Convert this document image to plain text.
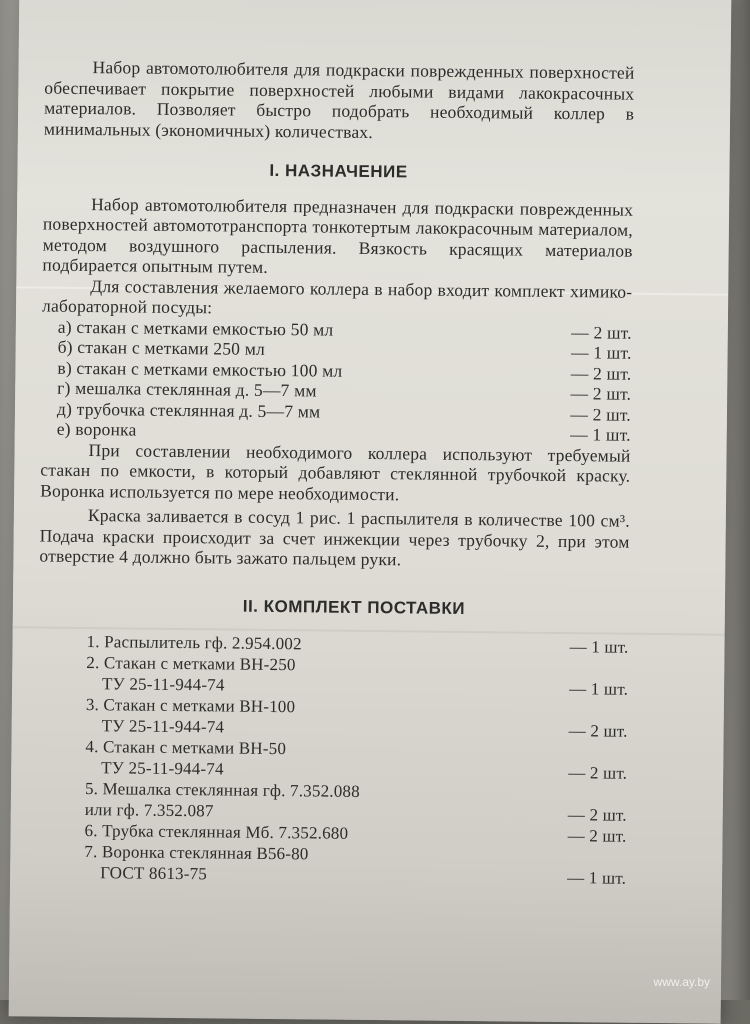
Набор автомотолюбителя для подкраски поврежденных поверхностей обеспечивает покрытие поверхностей любыми видами лакокрасочных материалов. Позволяет быстро подобрать необходимый коллер в минимальных (экономичных) количествах.

I. НАЗНАЧЕНИЕ

Набор автомотолюбителя предназначен для подкраски поврежденных поверхностей автомототранспорта тонкотертым лакокрасочным материалом, методом воздушного распыления. Вязкость красящих материалов подбирается опытным путем.

Для составления желаемого коллера в набор входит комплект химико-лабораторной посуды:

а) стакан с метками емкостью 50 мл	— 2 шт.
б) стакан с метками 250 мл	— 1 шт.
в) стакан с метками емкостью 100 мл	— 2 шт.
г) мешалка стеклянная д. 5—7 мм	— 2 шт.
д) трубочка стеклянная д. 5—7 мм	— 2 шт.
е) воронка	— 1 шт.

При составлении необходимого коллера используют требуемый стакан по емкости, в который добавляют стеклянной трубочкой краску. Воронка используется по мере необходимости.

Краска заливается в сосуд 1 рис. 1 распылителя в количестве 100 см³. Подача краски происходит за счет инжекции через трубочку 2, при этом отверстие 4 должно быть зажато пальцем руки.

II. КОМПЛЕКТ ПОСТАВКИ
1. Распылитель гф. 2.954.002	— 1 шт.
2. Стакан с метками ВН-250
ТУ 25-11-944-74	— 1 шт.
3. Стакан с метками ВН-100
ТУ 25-11-944-74	— 2 шт.
4. Стакан с метками ВН-50
ТУ 25-11-944-74	— 2 шт.
5. Мешалка стеклянная гф. 7.352.088
или гф. 7.352.087	— 2 шт.
6. Трубка стеклянная Мб. 7.352.680	— 2 шт.
7. Воронка стеклянная В56-80
ГОСТ 8613-75	— 1 шт.
www.ay.by
